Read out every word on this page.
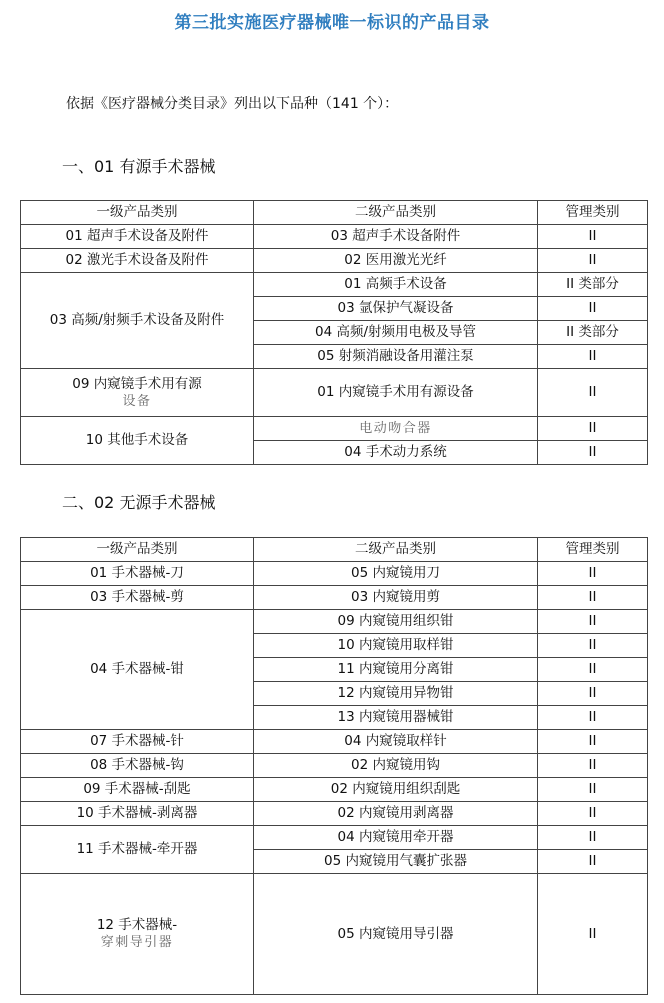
第三批实施医疗器械唯一标识的产品目录
依据《医疗器械分类目录》列出以下品种（141 个）：
一、01 有源手术器械
一级产品类别	二级产品类别	管理类别
01 超声手术设备及附件	03 超声手术设备附件	II
02 激光手术设备及附件	02 医用激光光纤	II
03 高频/射频手术设备及附件	01 高频手术设备	II 类部分
	03 氩保护气凝设备	II
	04 高频/射频用电极及导管	II 类部分
	05 射频消融设备用灌注泵	II

09 内窥镜手术用有源
设备	01 内窥镜手术用有源设备	II
10 其他手术设备	电动吻合器	II
	04 手术动力系统	II
二、02 无源手术器械
一级产品类别	二级产品类别	管理类别
01 手术器械-刀	05 内窥镜用刀	II
03 手术器械-剪	03 内窥镜用剪	II
04 手术器械-钳	09 内窥镜用组织钳	II
	10 内窥镜用取样钳	II
	11 内窥镜用分离钳	II
	12 内窥镜用异物钳	II
	13 内窥镜用器械钳	II
07 手术器械-针	04 内窥镜取样针	II
08 手术器械-钩	02 内窥镜用钩	II
09 手术器械-刮匙	02 内窥镜用组织刮匙	II
10 手术器械-剥离器	02 内窥镜用剥离器	II
11 手术器械-牵开器	04 内窥镜用牵开器	II
	05 内窥镜用气囊扩张器	II

12 手术器械-
穿刺导引器	05 内窥镜用导引器	II
